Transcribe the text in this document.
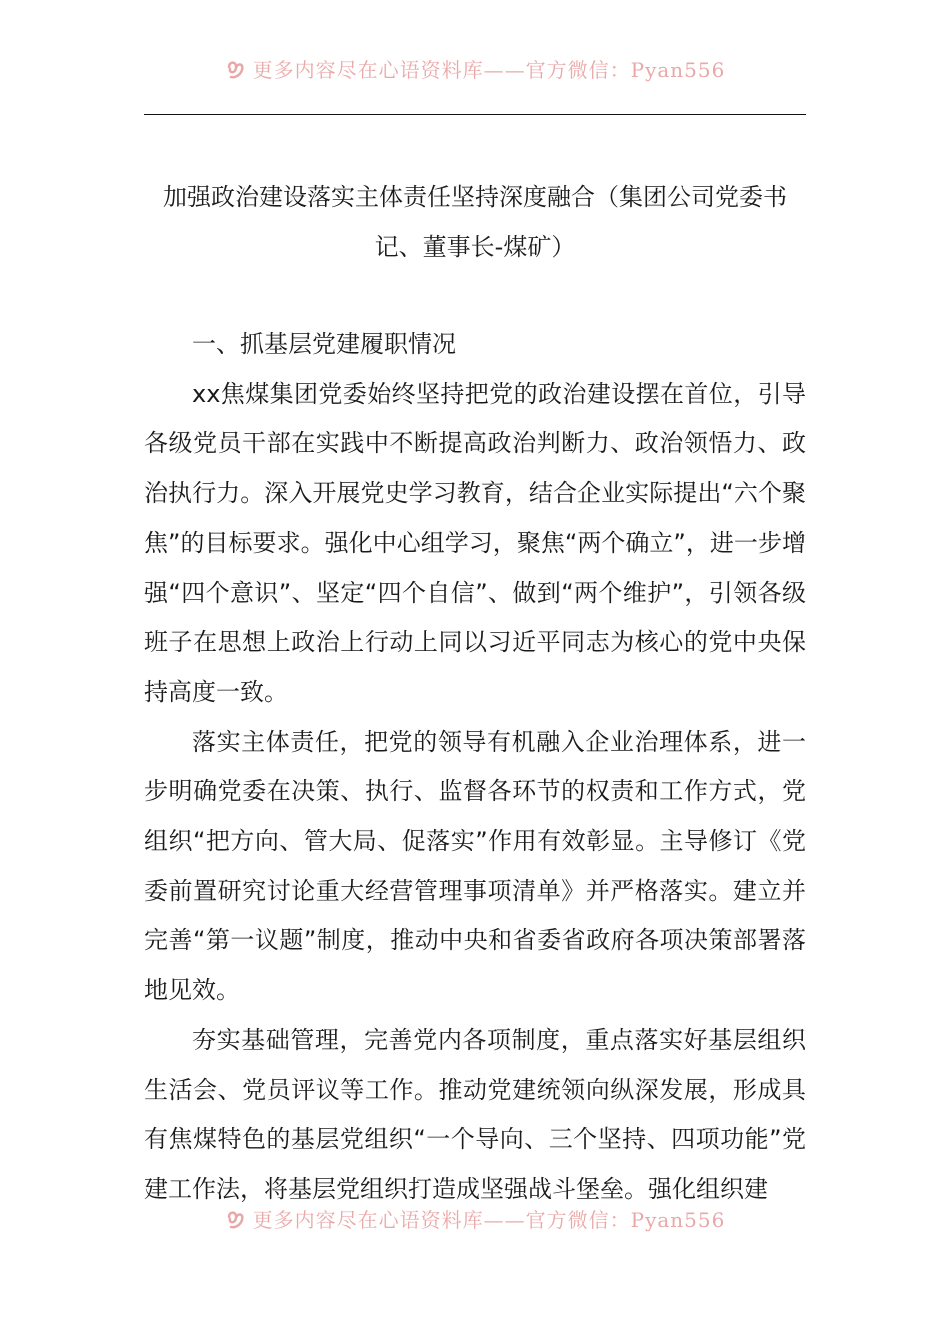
更多内容尽在心语资料库——官方微信：Pyan556
加强政治建设落实主体责任坚持深度融合（集团公司党委书记、董事长-煤矿）

一、抓基层党建履职情况

xx焦煤集团党委始终坚持把党的政治建设摆在首位，引导各级党员干部在实践中不断提高政治判断力、政治领悟力、政治执行力。深入开展党史学习教育，结合企业实际提出“六个聚焦”的目标要求。强化中心组学习，聚焦“两个确立”，进一步增强“四个意识”、坚定“四个自信”、做到“两个维护”，引领各级班子在思想上政治上行动上同以习近平同志为核心的党中央保持高度一致。

落实主体责任，把党的领导有机融入企业治理体系，进一步明确党委在决策、执行、监督各环节的权责和工作方式，党组织“把方向、管大局、促落实”作用有效彰显。主导修订《党委前置研究讨论重大经营管理事项清单》并严格落实。建立并完善“第一议题”制度，推动中央和省委省政府各项决策部署落地见效。

夯实基础管理，完善党内各项制度，重点落实好基层组织生活会、党员评议等工作。推动党建统领向纵深发展，形成具有焦煤特色的基层党组织“一个导向、三个坚持、四项功能”党建工作法，将基层党组织打造成坚强战斗堡垒。强化组织建

更多内容尽在心语资料库——官方微信：Pyan556
